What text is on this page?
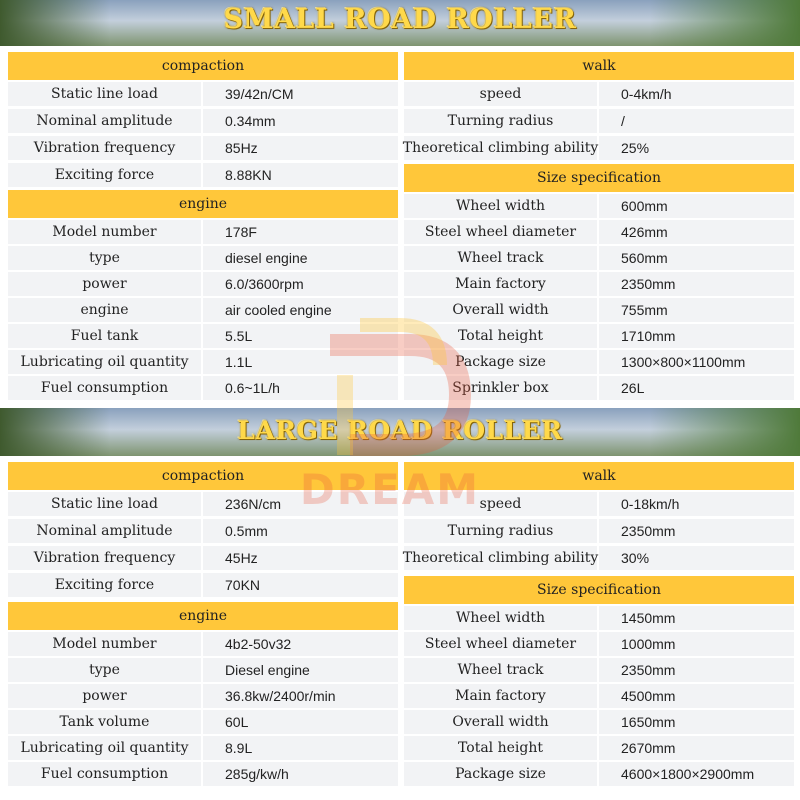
SMALL ROAD ROLLER
compaction
Static line load	39/42n/CM
Nominal amplitude	0.34mm
Vibration frequency	85Hz
Exciting force	8.88KN
engine
Model number	178F
type	diesel engine
power	6.0/3600rpm
engine	air cooled engine
Fuel tank	5.5L
Lubricating oil quantity	1.1L
Fuel consumption	0.6~1L/h
walk
speed	0-4km/h
Turning radius	/
Theoretical climbing ability	25%
Size specification
Wheel width	600mm
Steel wheel diameter	426mm
Wheel track	560mm
Main factory	2350mm
Overall width	755mm
Total height	1710mm
Package size	1300×800×1100mm
Sprinkler box	26L
LARGE ROAD ROLLER
compaction
Static line load	236N/cm
Nominal amplitude	0.5mm
Vibration frequency	45Hz
Exciting force	70KN
engine
Model number	4b2-50v32
type	Diesel engine
power	36.8kw/2400r/min
Tank volume	60L
Lubricating oil quantity	8.9L
Fuel consumption	285g/kw/h
walk
speed	0-18km/h
Turning radius	2350mm
Theoretical climbing ability	30%
Size specification
Wheel width	1450mm
Steel wheel diameter	1000mm
Wheel track	2350mm
Main factory	4500mm
Overall width	1650mm
Total height	2670mm
Package size	4600×1800×2900mm
DREAM
